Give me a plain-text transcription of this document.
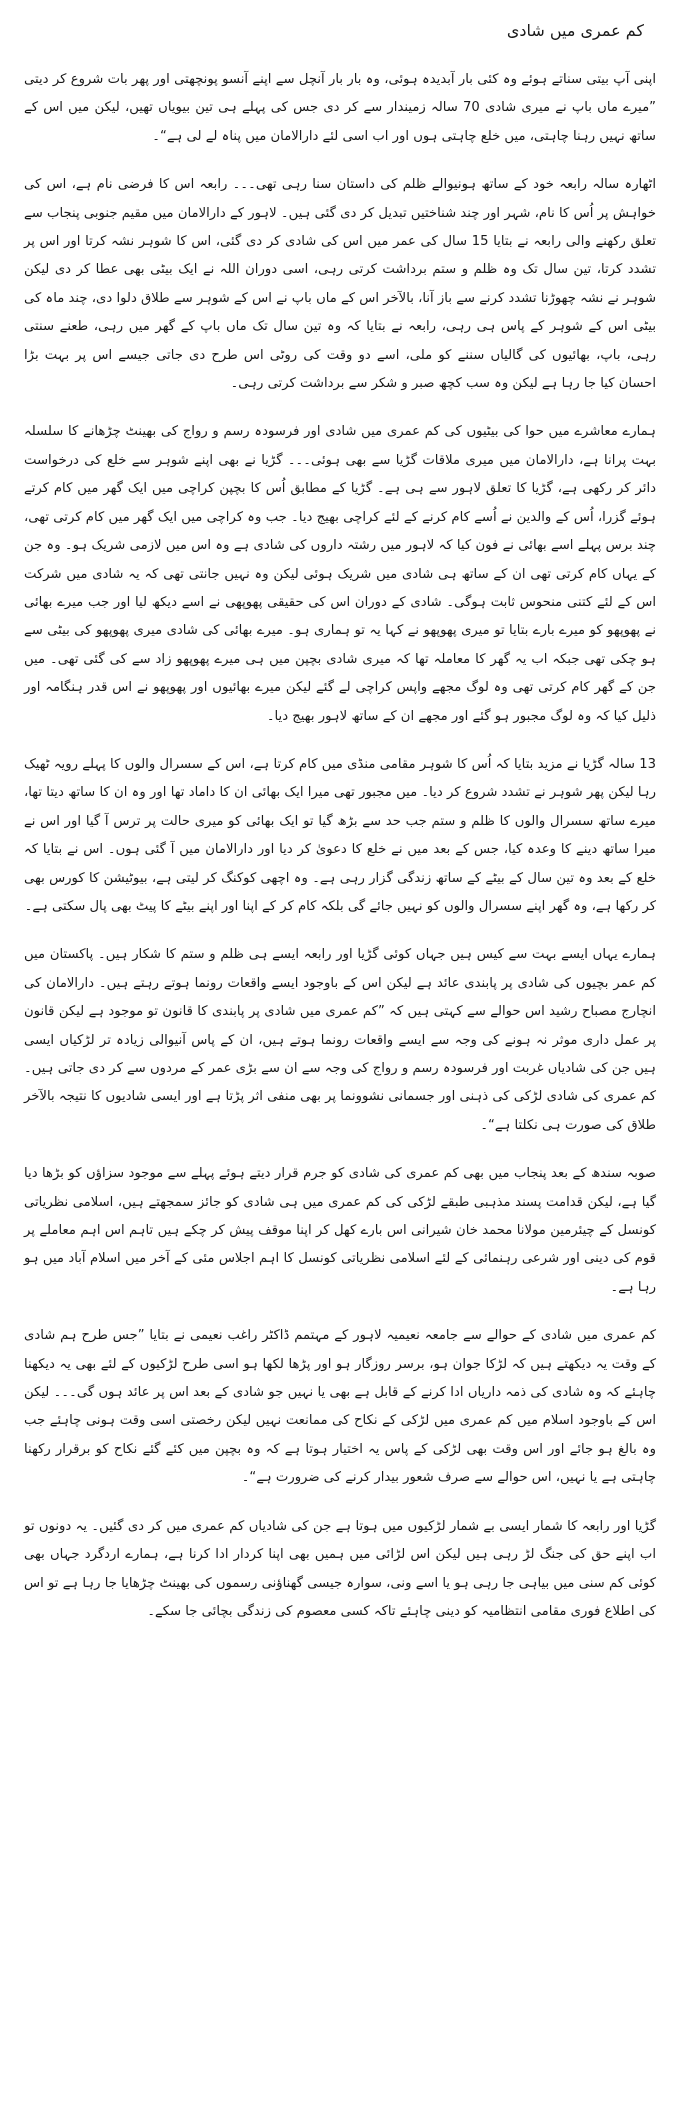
کم عمری میں شادی

اپنی آپ بیتی سناتے ہوئے وہ کئی بار آبدیدہ ہوئی، وہ بار بار آنچل سے اپنے آنسو پونچھتی اور پھر بات شروع کر دیتی ”میرے ماں باپ نے میری شادی 70 سالہ زمیندار سے کر دی جس کی پہلے ہی تین بیویاں تھیں، لیکن میں اس کے ساتھ نہیں رہنا چاہتی، میں خلع چاہتی ہوں اور اب اسی لئے دارالامان میں پناہ لے لی ہے“۔

اٹھارہ سالہ رابعہ خود کے ساتھ ہونیوالے ظلم کی داستان سنا رہی تھی۔۔۔ رابعہ اس کا فرضی نام ہے، اس کی خواہش پر اُس کا نام، شہر اور چند شناختیں تبدیل کر دی گئی ہیں۔ لاہور کے دارالامان میں مقیم جنوبی پنجاب سے تعلق رکھنے والی رابعہ نے بتایا 15 سال کی عمر میں اس کی شادی کر دی گئی، اس کا شوہر نشہ کرتا اور اس پر تشدد کرتا، تین سال تک وہ ظلم و ستم برداشت کرتی رہی، اسی دوران اللہ نے ایک بیٹی بھی عطا کر دی لیکن شوہر نے نشہ چھوڑنا تشدد کرنے سے باز آنا، بالآخر اس کے ماں باپ نے اس کے شوہر سے طلاق دلوا دی، چند ماہ کی بیٹی اس کے شوہر کے پاس ہی رہی، رابعہ نے بتایا کہ وہ تین سال تک ماں باپ کے گھر میں رہی، طعنے سنتی رہی، باپ، بھائیوں کی گالیاں سننے کو ملی، اسے دو وقت کی روٹی اس طرح دی جاتی جیسے اس پر بہت بڑا احسان کیا جا رہا ہے لیکن وہ سب کچھ صبر و شکر سے برداشت کرتی رہی۔

ہمارے معاشرے میں حوا کی بیٹیوں کی کم عمری میں شادی اور فرسودہ رسم و رواج کی بھینٹ چڑھانے کا سلسلہ بہت پرانا ہے، دارالامان میں میری ملاقات گڑیا سے بھی ہوئی۔۔۔ گڑیا نے بھی اپنے شوہر سے خلع کی درخواست دائر کر رکھی ہے، گڑیا کا تعلق لاہور سے ہی ہے۔ گڑیا کے مطابق اُس کا بچپن کراچی میں ایک گھر میں کام کرتے ہوئے گزرا، اُس کے والدین نے اُسے کام کرنے کے لئے کراچی بھیج دیا۔ جب وہ کراچی میں ایک گھر میں کام کرتی تھی، چند برس پہلے اسے بھائی نے فون کیا کہ لاہور میں رشتہ داروں کی شادی ہے وہ اس میں لازمی شریک ہو۔ وہ جن کے یہاں کام کرتی تھی ان کے ساتھ ہی شادی میں شریک ہوئی لیکن وہ نہیں جانتی تھی کہ یہ شادی میں شرکت اس کے لئے کتنی منحوس ثابت ہوگی۔ شادی کے دوران اس کی حقیقی پھوپھی نے اسے دیکھ لیا اور جب میرے بھائی نے پھوپھو کو میرے بارے بتایا تو میری پھوپھو نے کہا یہ تو ہماری ہو۔ میرے بھائی کی شادی میری پھوپھو کی بیٹی سے ہو چکی تھی جبکہ اب یہ گھر کا معاملہ تھا کہ میری شادی بچپن میں ہی میرے پھوپھو زاد سے کی گئی تھی۔ میں جن کے گھر کام کرتی تھی وہ لوگ مجھے واپس کراچی لے گئے لیکن میرے بھائیوں اور پھوپھو نے اس قدر ہنگامہ اور ذلیل کیا کہ وہ لوگ مجبور ہو گئے اور مجھے ان کے ساتھ لاہور بھیج دیا۔

13 سالہ گڑیا نے مزید بتایا کہ اُس کا شوہر مقامی منڈی میں کام کرتا ہے، اس کے سسرال والوں کا پہلے رویہ ٹھیک رہا لیکن پھر شوہر نے تشدد شروع کر دیا۔ میں مجبور تھی میرا ایک بھائی ان کا داماد تھا اور وہ ان کا ساتھ دیتا تھا، میرے ساتھ سسرال والوں کا ظلم و ستم جب حد سے بڑھ گیا تو ایک بھائی کو میری حالت پر ترس آ گیا اور اس نے میرا ساتھ دینے کا وعدہ کیا، جس کے بعد میں نے خلع کا دعویٰ کر دیا اور دارالامان میں آ گئی ہوں۔ اس نے بتایا کہ خلع کے بعد وہ تین سال کے بیٹے کے ساتھ زندگی گزار رہی ہے۔ وہ اچھی کوکنگ کر لیتی ہے، بیوٹیشن کا کورس بھی کر رکھا ہے، وہ گھر اپنے سسرال والوں کو نہیں جائے گی بلکہ کام کر کے اپنا اور اپنے بیٹے کا پیٹ بھی پال سکتی ہے۔

ہمارے یہاں ایسے بہت سے کیس ہیں جہاں کوئی گڑیا اور رابعہ ایسے ہی ظلم و ستم کا شکار ہیں۔ پاکستان میں کم عمر بچیوں کی شادی پر پابندی عائد ہے لیکن اس کے باوجود ایسے واقعات رونما ہوتے رہتے ہیں۔ دارالامان کی انچارج مصباح رشید اس حوالے سے کہتی ہیں کہ ”کم عمری میں شادی پر پابندی کا قانون تو موجود ہے لیکن قانون پر عمل داری موثر نہ ہونے کی وجہ سے ایسے واقعات رونما ہوتے ہیں، ان کے پاس آنیوالی زیادہ تر لڑکیاں ایسی ہیں جن کی شادیاں غربت اور فرسودہ رسم و رواج کی وجہ سے ان سے بڑی عمر کے مردوں سے کر دی جاتی ہیں۔ کم عمری کی شادی لڑکی کی ذہنی اور جسمانی نشوونما پر بھی منفی اثر پڑتا ہے اور ایسی شادیوں کا نتیجہ بالآخر طلاق کی صورت ہی نکلتا ہے“۔

صوبہ سندھ کے بعد پنجاب میں بھی کم عمری کی شادی کو جرم قرار دیتے ہوئے پہلے سے موجود سزاؤں کو بڑھا دیا گیا ہے، لیکن قدامت پسند مذہبی طبقے لڑکی کی کم عمری میں ہی شادی کو جائز سمجھتے ہیں، اسلامی نظریاتی کونسل کے چیئرمین مولانا محمد خان شیرانی اس بارے کھل کر اپنا موقف پیش کر چکے ہیں تاہم اس اہم معاملے پر قوم کی دینی اور شرعی رہنمائی کے لئے اسلامی نظریاتی کونسل کا اہم اجلاس مئی کے آخر میں اسلام آباد میں ہو رہا ہے۔

کم عمری میں شادی کے حوالے سے جامعہ نعیمیہ لاہور کے مہتمم ڈاکٹر راغب نعیمی نے بتایا ”جس طرح ہم شادی کے وقت یہ دیکھتے ہیں کہ لڑکا جوان ہو، برسر روزگار ہو اور پڑھا لکھا ہو اسی طرح لڑکیوں کے لئے بھی یہ دیکھنا چاہئے کہ وہ شادی کی ذمہ داریاں ادا کرنے کے قابل ہے بھی یا نہیں جو شادی کے بعد اس پر عائد ہوں گی۔۔۔ لیکن اس کے باوجود اسلام میں کم عمری میں لڑکی کے نکاح کی ممانعت نہیں لیکن رخصتی اسی وقت ہونی چاہئے جب وہ بالغ ہو جائے اور اس وقت بھی لڑکی کے پاس یہ اختیار ہوتا ہے کہ وہ بچپن میں کئے گئے نکاح کو برقرار رکھنا چاہتی ہے یا نہیں، اس حوالے سے صرف شعور بیدار کرنے کی ضرورت ہے“۔

گڑیا اور رابعہ کا شمار ایسی بے شمار لڑکیوں میں ہوتا ہے جن کی شادیاں کم عمری میں کر دی گئیں۔ یہ دونوں تو اب اپنے حق کی جنگ لڑ رہی ہیں لیکن اس لڑائی میں ہمیں بھی اپنا کردار ادا کرنا ہے، ہمارے اردگرد جہاں بھی کوئی کم سنی میں بیاہی جا رہی ہو یا اسے ونی، سوارہ جیسی گھناؤنی رسموں کی بھینٹ چڑھایا جا رہا ہے تو اس کی اطلاع فوری مقامی انتظامیہ کو دینی چاہئے تاکہ کسی معصوم کی زندگی بچائی جا سکے۔
